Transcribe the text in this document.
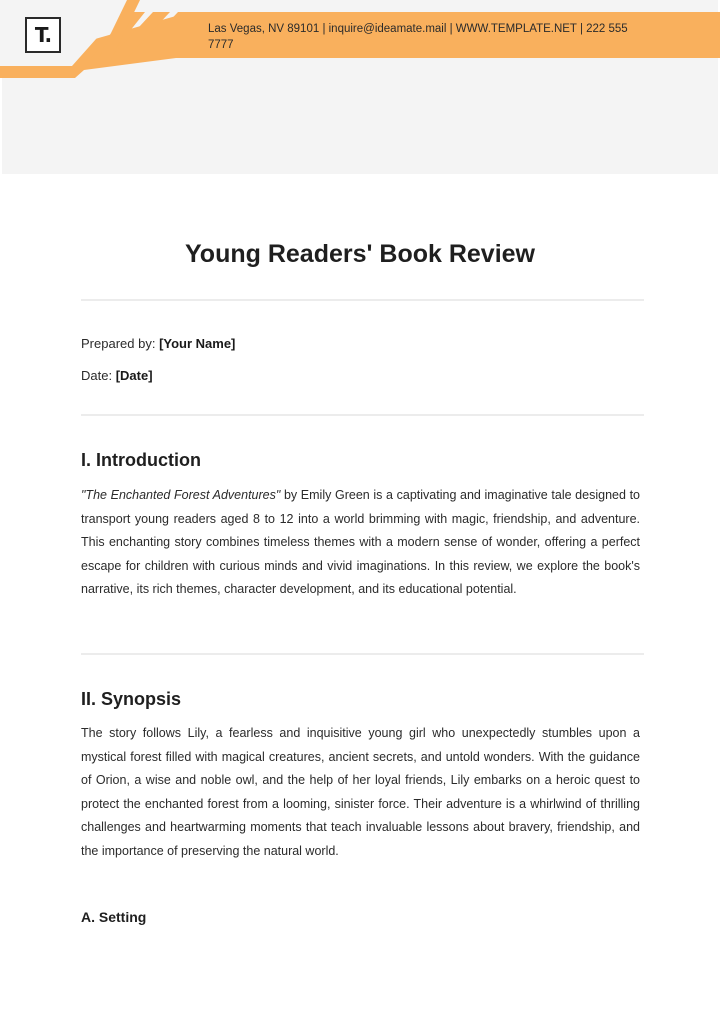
T.	Las Vegas, NV 89101 | inquire@ideamate.mail | WWW.TEMPLATE.NET | 222 555 7777
Young Readers' Book Review
Prepared by: [Your Name]
Date: [Date]
I. Introduction

"The Enchanted Forest Adventures" by Emily Green is a captivating and imaginative tale designed to transport young readers aged 8 to 12 into a world brimming with magic, friendship, and adventure. This enchanting story combines timeless themes with a modern sense of wonder, offering a perfect escape for children with curious minds and vivid imaginations. In this review, we explore the book's narrative, its rich themes, character development, and its educational potential.

II. Synopsis

The story follows Lily, a fearless and inquisitive young girl who unexpectedly stumbles upon a mystical forest filled with magical creatures, ancient secrets, and untold wonders. With the guidance of Orion, a wise and noble owl, and the help of her loyal friends, Lily embarks on a heroic quest to protect the enchanted forest from a looming, sinister force. Their adventure is a whirlwind of thrilling challenges and heartwarming moments that teach invaluable lessons about bravery, friendship, and the importance of preserving the natural world.

A. Setting
